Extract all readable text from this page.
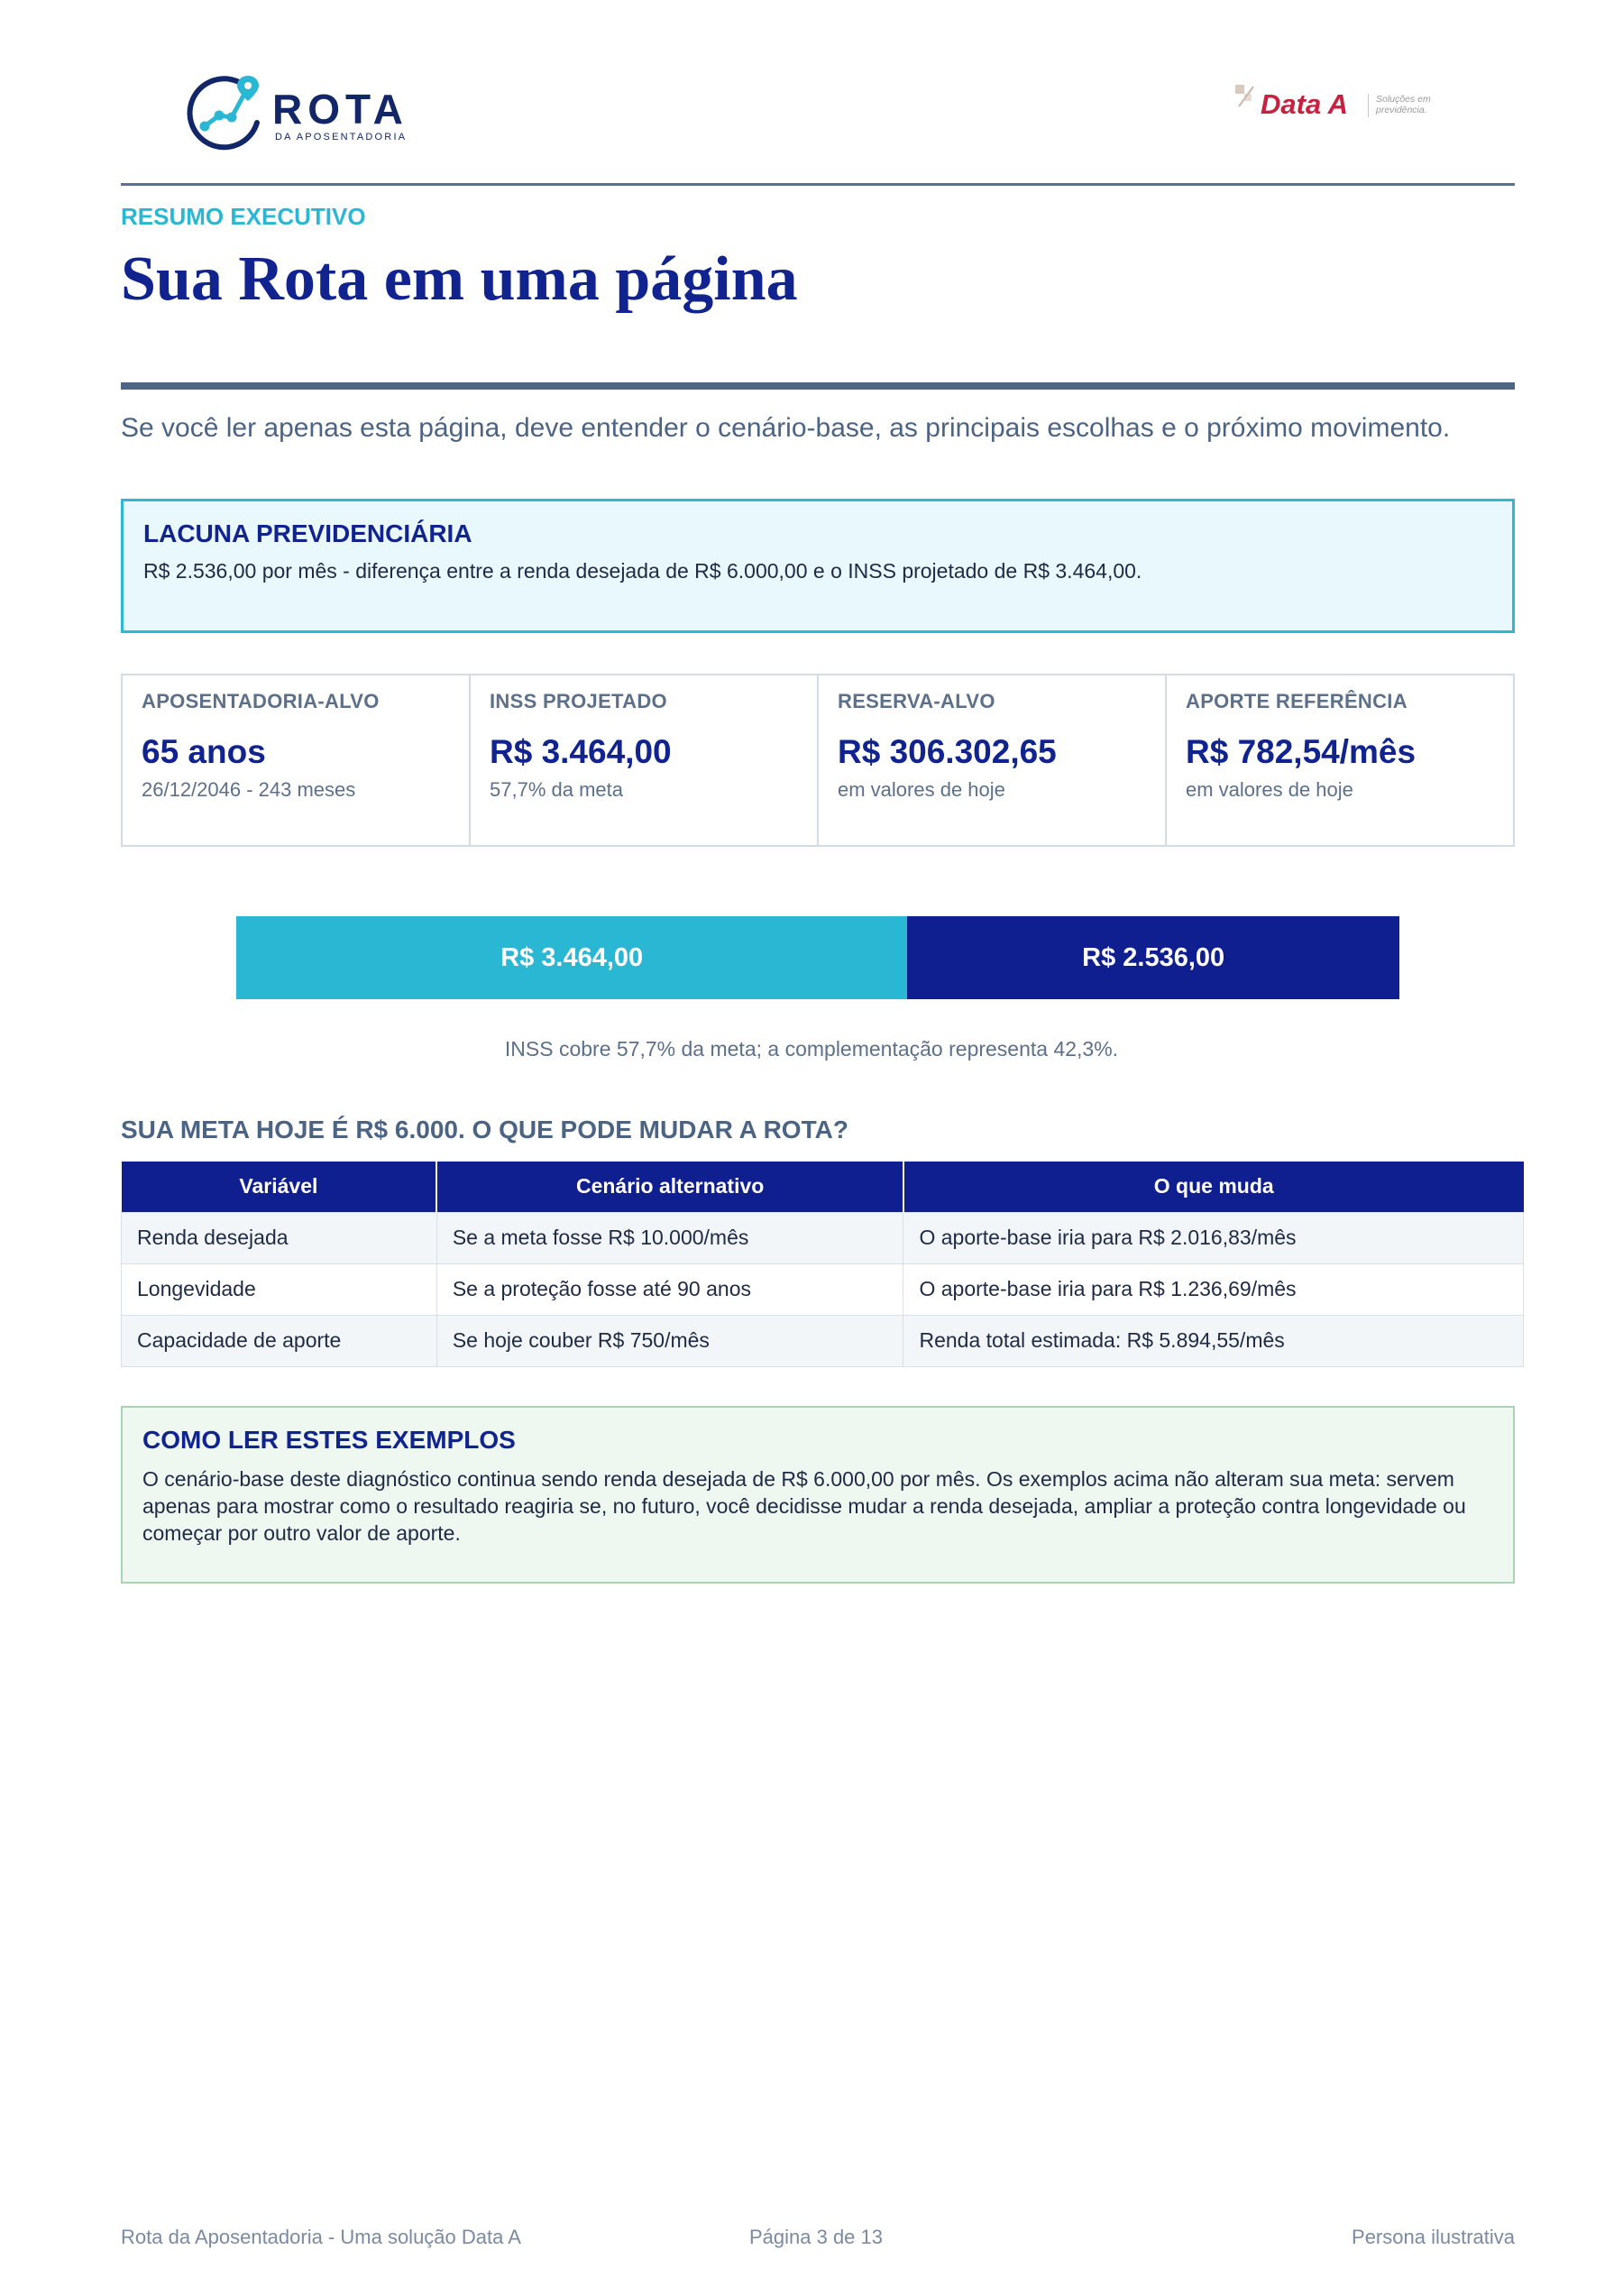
ROTA
DA APOSENTADORIA
Data A	Soluções em
previdência.
RESUMO EXECUTIVO
Sua Rota em uma página

Se você ler apenas esta página, deve entender o cenário-base, as principais escolhas e o próximo movimento.

LACUNA PREVIDENCIÁRIA
R$ 2.536,00 por mês - diferença entre a renda desejada de R$ 6.000,00 e o INSS projetado de R$ 3.464,00.
APOSENTADORIA-ALVO
65 anos
26/12/2046 - 243 meses
INSS PROJETADO
R$ 3.464,00
57,7% da meta
RESERVA-ALVO
R$ 306.302,65
em valores de hoje
APORTE REFERÊNCIA
R$ 782,54/mês
em valores de hoje
R$ 3.464,00	R$ 2.536,00
INSS cobre 57,7% da meta; a complementação representa 42,3%.
SUA META HOJE É R$ 6.000. O QUE PODE MUDAR A ROTA?
Variável	Cenário alternativo	O que muda
Renda desejada	Se a meta fosse R$ 10.000/mês	O aporte-base iria para R$ 2.016,83/mês
Longevidade	Se a proteção fosse até 90 anos	O aporte-base iria para R$ 1.236,69/mês
Capacidade de aporte	Se hoje couber R$ 750/mês	Renda total estimada: R$ 5.894,55/mês
COMO LER ESTES EXEMPLOS
O cenário-base deste diagnóstico continua sendo renda desejada de R$ 6.000,00 por mês. Os exemplos acima não alteram sua meta: servem apenas para mostrar como o resultado reagiria se, no futuro, você decidisse mudar a renda desejada, ampliar a proteção contra longevidade ou começar por outro valor de aporte.
Rota da Aposentadoria - Uma solução Data A	Página 3 de 13	Persona ilustrativa
